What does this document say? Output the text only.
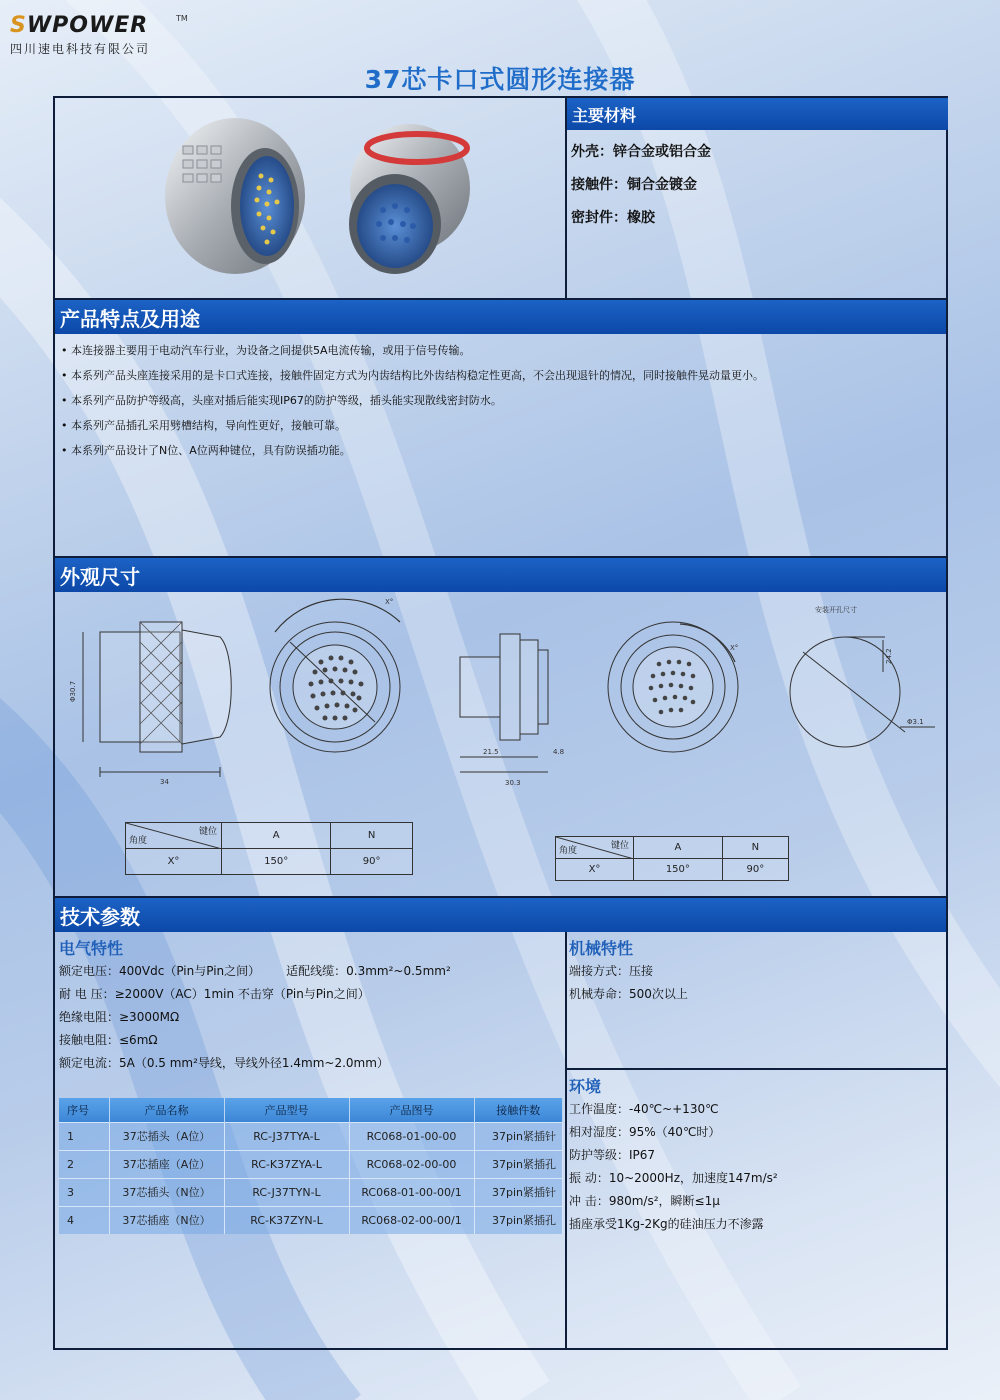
SWPOWER	TM
四川速电科技有限公司
37芯卡口式圆形连接器
主要材料
外壳：锌合金或铝合金
接触件：铜合金镀金
密封件：橡胶
产品特点及用途
• 本连接器主要用于电动汽车行业，为设备之间提供5A电流传输，或用于信号传输。
• 本系列产品头座连接采用的是卡口式连接，接触件固定方式为内齿结构比外齿结构稳定性更高，不会出现退针的情况，同时接触件晃动量更小。
• 本系列产品防护等级高，头座对插后能实现IP67的防护等级，插头能实现散线密封防水。
• 本系列产品插孔采用劈槽结构，导向性更好，接触可靠。
• 本系列产品设计了N位、A位两种键位，具有防误插功能。
外观尺寸
34
Φ30.7
X°
21.5
30.3
4.8
安装开孔尺寸
24.2
Φ3.1
X°
键位
角度	A	N
X°	150°	90°
键位
角度	A	N
X°	150°	90°
技术参数
电气特性
额定电压：400Vdc（Pin与Pin之间） 适配线缆：0.3mm²~0.5mm²
耐 电 压：≥2000V（AC）1min 不击穿（Pin与Pin之间）
绝缘电阻：≥3000MΩ
接触电阻：≤6mΩ
额定电流：5A（0.5 mm²导线，导线外径1.4mm~2.0mm）
机械特性
端接方式：压接
机械寿命：500次以上
环境
工作温度：-40℃~+130℃
相对湿度：95%（40℃时）
防护等级：IP67
振 动：10~2000Hz，加速度147m/s²
冲 击：980m/s²，瞬断≤1μ
插座承受1Kg-2Kg的硅油压力不渗露
序号	产品名称	产品型号	产品图号	接触件数
1	37芯插头（A位）	RC-J37TYA-L	RC068-01-00-00	37pin紧插针
2	37芯插座（A位）	RC-K37ZYA-L	RC068-02-00-00	37pin紧插孔
3	37芯插头（N位）	RC-J37TYN-L	RC068-01-00-00/1	37pin紧插针
4	37芯插座（N位）	RC-K37ZYN-L	RC068-02-00-00/1	37pin紧插孔
